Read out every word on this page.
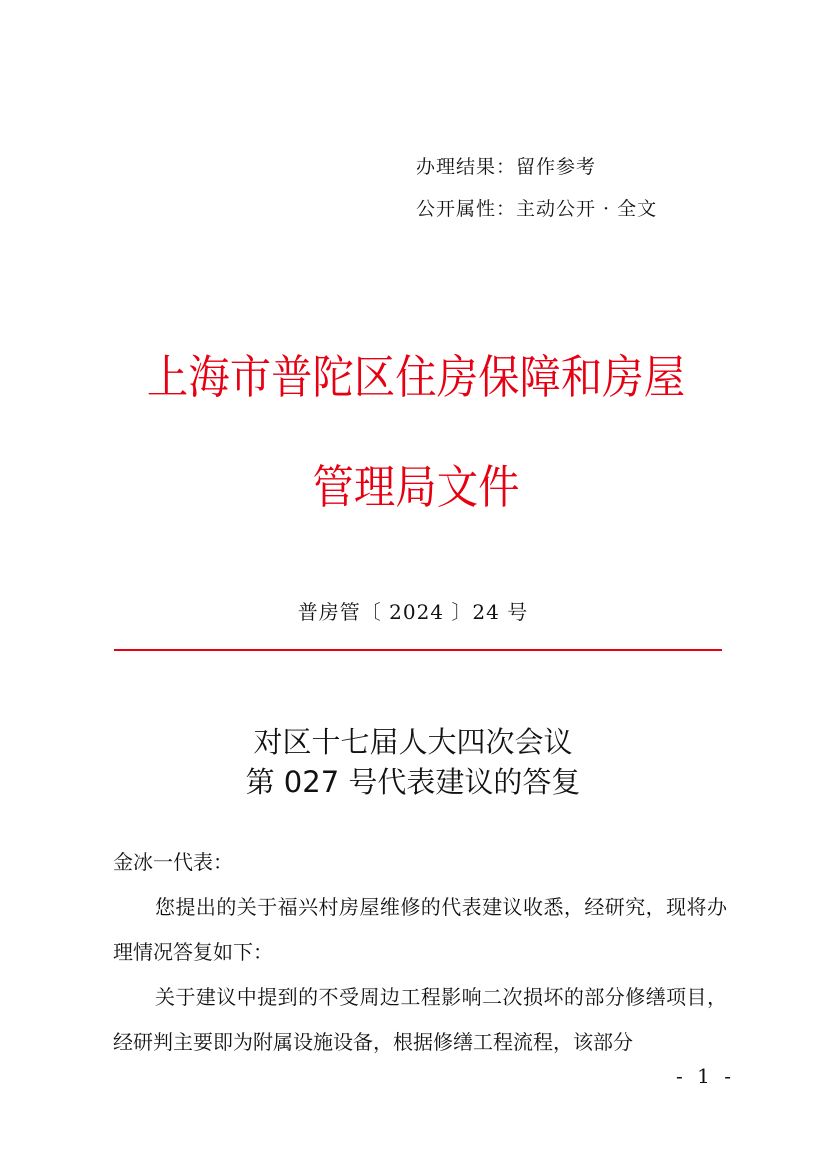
办理结果：留作参考
公开属性：主动公开 · 全文
上海市普陀区住房保障和房屋管理局文件
普房管〔 2024 〕24 号
对区十七届人大四次会议
第 027 号代表建议的答复
金冰一代表：

您提出的关于福兴村房屋维修的代表建议收悉，经研究，现将办理情况答复如下：

关于建议中提到的不受周边工程影响二次损坏的部分修缮项目，经研判主要即为附属设施设备，根据修缮工程流程，该部分

- 1 -
